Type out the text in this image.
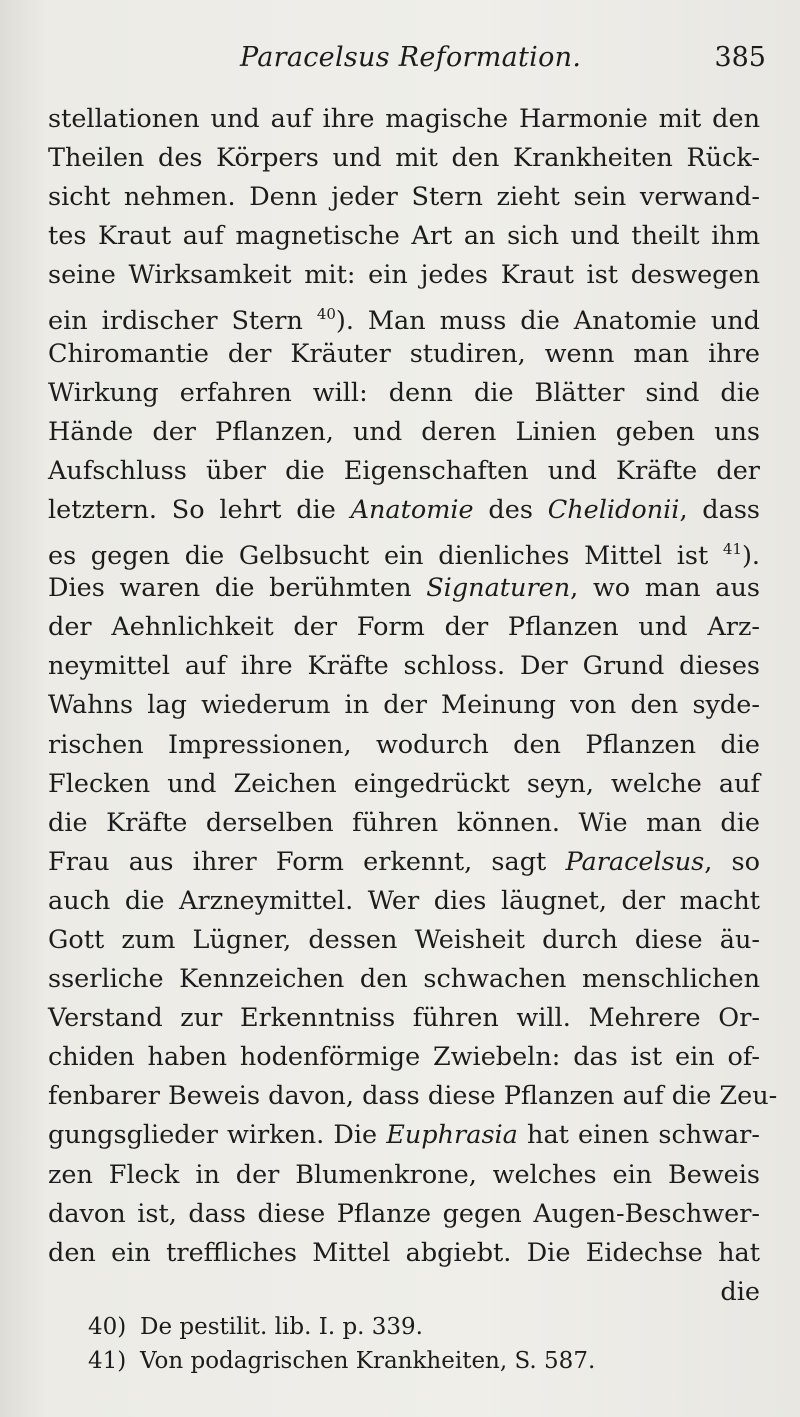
Paracelsus Reformation.	385
stellationen und auf ihre magische Harmonie mit den
Theilen des Körpers und mit den Krankheiten Rück-
sicht nehmen. Denn jeder Stern zieht sein verwand-
tes Kraut auf magnetische Art an sich und theilt ihm
seine Wirksamkeit mit: ein jedes Kraut ist deswegen
ein irdischer Stern $^{40}$). Man muss die Anatomie und
Chiromantie der Kräuter studiren, wenn man ihre
Wirkung erfahren will: denn die Blätter sind die
Hände der Pflanzen, und deren Linien geben uns
Aufschluss über die Eigenschaften und Kräfte der
letztern. So lehrt die Anatomie des Chelidonii, dass
es gegen die Gelbsucht ein dienliches Mittel ist $^{41}$).
Dies waren die berühmten Signaturen, wo man aus
der Aehnlichkeit der Form der Pflanzen und Arz-
neymittel auf ihre Kräfte schloss. Der Grund dieses
Wahns lag wiederum in der Meinung von den syde-
rischen Impressionen, wodurch den Pflanzen die
Flecken und Zeichen eingedrückt seyn, welche auf
die Kräfte derselben führen können. Wie man die
Frau aus ihrer Form erkennt, sagt Paracelsus, so
auch die Arzneymittel. Wer dies läugnet, der macht
Gott zum Lügner, dessen Weisheit durch diese äu-
sserliche Kennzeichen den schwachen menschlichen
Verstand zur Erkenntniss führen will. Mehrere Or-
chiden haben hodenförmige Zwiebeln: das ist ein of-
fenbarer Beweis davon, dass diese Pflanzen auf die Zeu-
gungsglieder wirken. Die Euphrasia hat einen schwar-
zen Fleck in der Blumenkrone, welches ein Beweis
davon ist, dass diese Pflanze gegen Augen-Beschwer-
den ein treffliches Mittel abgiebt. Die Eidechse hat
die
40) De pestilit. lib. I. p. 339.
41) Von podagrischen Krankheiten, S. 587.
